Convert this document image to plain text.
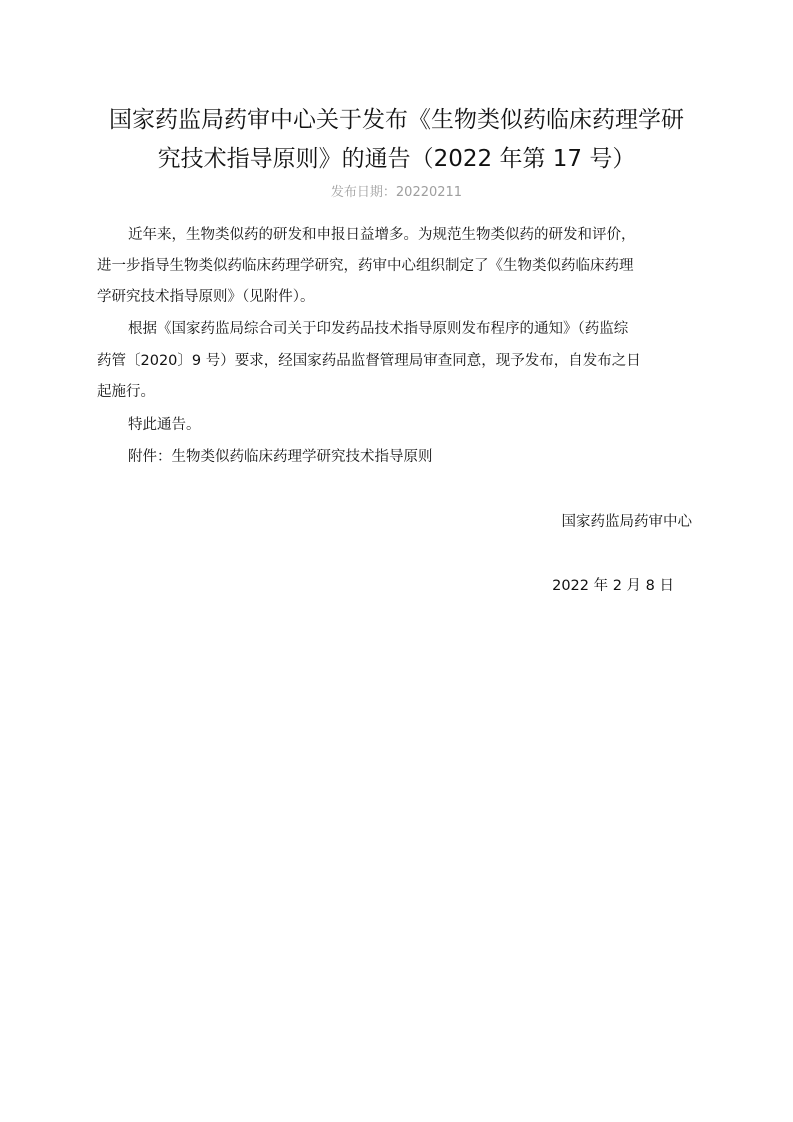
国家药监局药审中心关于发布《生物类似药临床药理学研
究技术指导原则》的通告（2022 年第 17 号）
发布日期：20220211
近年来，生物类似药的研发和申报日益增多。为规范生物类似药的研发和评价，
进一步指导生物类似药临床药理学研究，药审中心组织制定了《生物类似药临床药理
学研究技术指导原则》（见附件）。
根据《国家药监局综合司关于印发药品技术指导原则发布程序的通知》（药监综
药管〔2020〕9 号）要求，经国家药品监督管理局审查同意，现予发布，自发布之日
起施行。
特此通告。
附件：生物类似药临床药理学研究技术指导原则
国家药监局药审中心
2022 年 2 月 8 日
